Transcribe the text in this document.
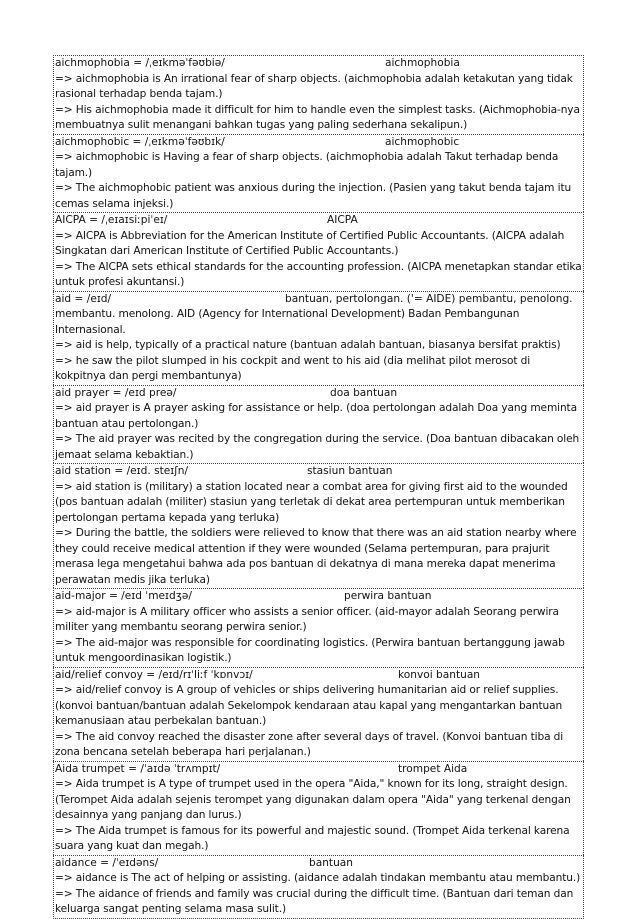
aichmophobia = /ˌeɪkməˈfəʊbiə/	aichmophobia
=> aichmophobia is An irrational fear of sharp objects. (aichmophobia adalah ketakutan yang tidak rasional terhadap benda tajam.)
=> His aichmophobia made it difficult for him to handle even the simplest tasks. (Aichmophobia-nya membuatnya sulit menangani bahkan tugas yang paling sederhana sekalipun.)
aichmophobic = /ˌeɪkməˈfəʊbɪk/	aichmophobic
=> aichmophobic is Having a fear of sharp objects. (aichmophobia adalah Takut terhadap benda tajam.)
=> The aichmophobic patient was anxious during the injection. (Pasien yang takut benda tajam itu cemas selama injeksi.)
AICPA = /ˌeɪaɪsiːpiˈeɪ/	AICPA
=> AICPA is Abbreviation for the American Institute of Certified Public Accountants. (AICPA adalah Singkatan dari American Institute of Certified Public Accountants.)
=> The AICPA sets ethical standards for the accounting profession. (AICPA menetapkan standar etika untuk profesi akuntansi.)
aid = /eɪd/	bantuan, pertolongan. ('= AIDE) pembantu, penolong.
membantu. menolong. AID (Agency for International Development) Badan Pembangunan Internasional.
=> aid is help, typically of a practical nature (bantuan adalah bantuan, biasanya bersifat praktis)
=> he saw the pilot slumped in his cockpit and went to his aid (dia melihat pilot merosot di kokpitnya dan pergi membantunya)
aid prayer = /eɪd preə/	doa bantuan
=> aid prayer is A prayer asking for assistance or help. (doa pertolongan adalah Doa yang meminta bantuan atau pertolongan.)
=> The aid prayer was recited by the congregation during the service. (Doa bantuan dibacakan oleh jemaat selama kebaktian.)
aid station = /eɪd. steɪʃn/	stasiun bantuan
=> aid station is (military) a station located near a combat area for giving first aid to the wounded (pos bantuan adalah (militer) stasiun yang terletak di dekat area pertempuran untuk memberikan pertolongan pertama kepada yang terluka)
=> During the battle, the soldiers were relieved to know that there was an aid station nearby where they could receive medical attention if they were wounded (Selama pertempuran, para prajurit merasa lega mengetahui bahwa ada pos bantuan di dekatnya di mana mereka dapat menerima perawatan medis jika terluka)
aid-major = /eɪd ˈmeɪdʒə/	perwira bantuan
=> aid-major is A military officer who assists a senior officer. (aid-mayor adalah Seorang perwira militer yang membantu seorang perwira senior.)
=> The aid-major was responsible for coordinating logistics. (Perwira bantuan bertanggung jawab untuk mengoordinasikan logistik.)
aid/relief convoy = /eɪd/rɪˈliːf ˈkɒnvɔɪ/	konvoi bantuan
=> aid/relief convoy is A group of vehicles or ships delivering humanitarian aid or relief supplies. (konvoi bantuan/bantuan adalah Sekelompok kendaraan atau kapal yang mengantarkan bantuan kemanusiaan atau perbekalan bantuan.)
=> The aid convoy reached the disaster zone after several days of travel. (Konvoi bantuan tiba di zona bencana setelah beberapa hari perjalanan.)
Aida trumpet = /ˈaɪdə ˈtrʌmpɪt/	trompet Aida
=> Aida trumpet is A type of trumpet used in the opera "Aida," known for its long, straight design. (Terompet Aida adalah sejenis terompet yang digunakan dalam opera "Aida" yang terkenal dengan desainnya yang panjang dan lurus.)
=> The Aida trumpet is famous for its powerful and majestic sound. (Trompet Aida terkenal karena suara yang kuat dan megah.)
aidance = /ˈeɪdəns/	bantuan
=> aidance is The act of helping or assisting. (aidance adalah tindakan membantu atau membantu.)
=> The aidance of friends and family was crucial during the difficult time. (Bantuan dari teman dan keluarga sangat penting selama masa sulit.)
